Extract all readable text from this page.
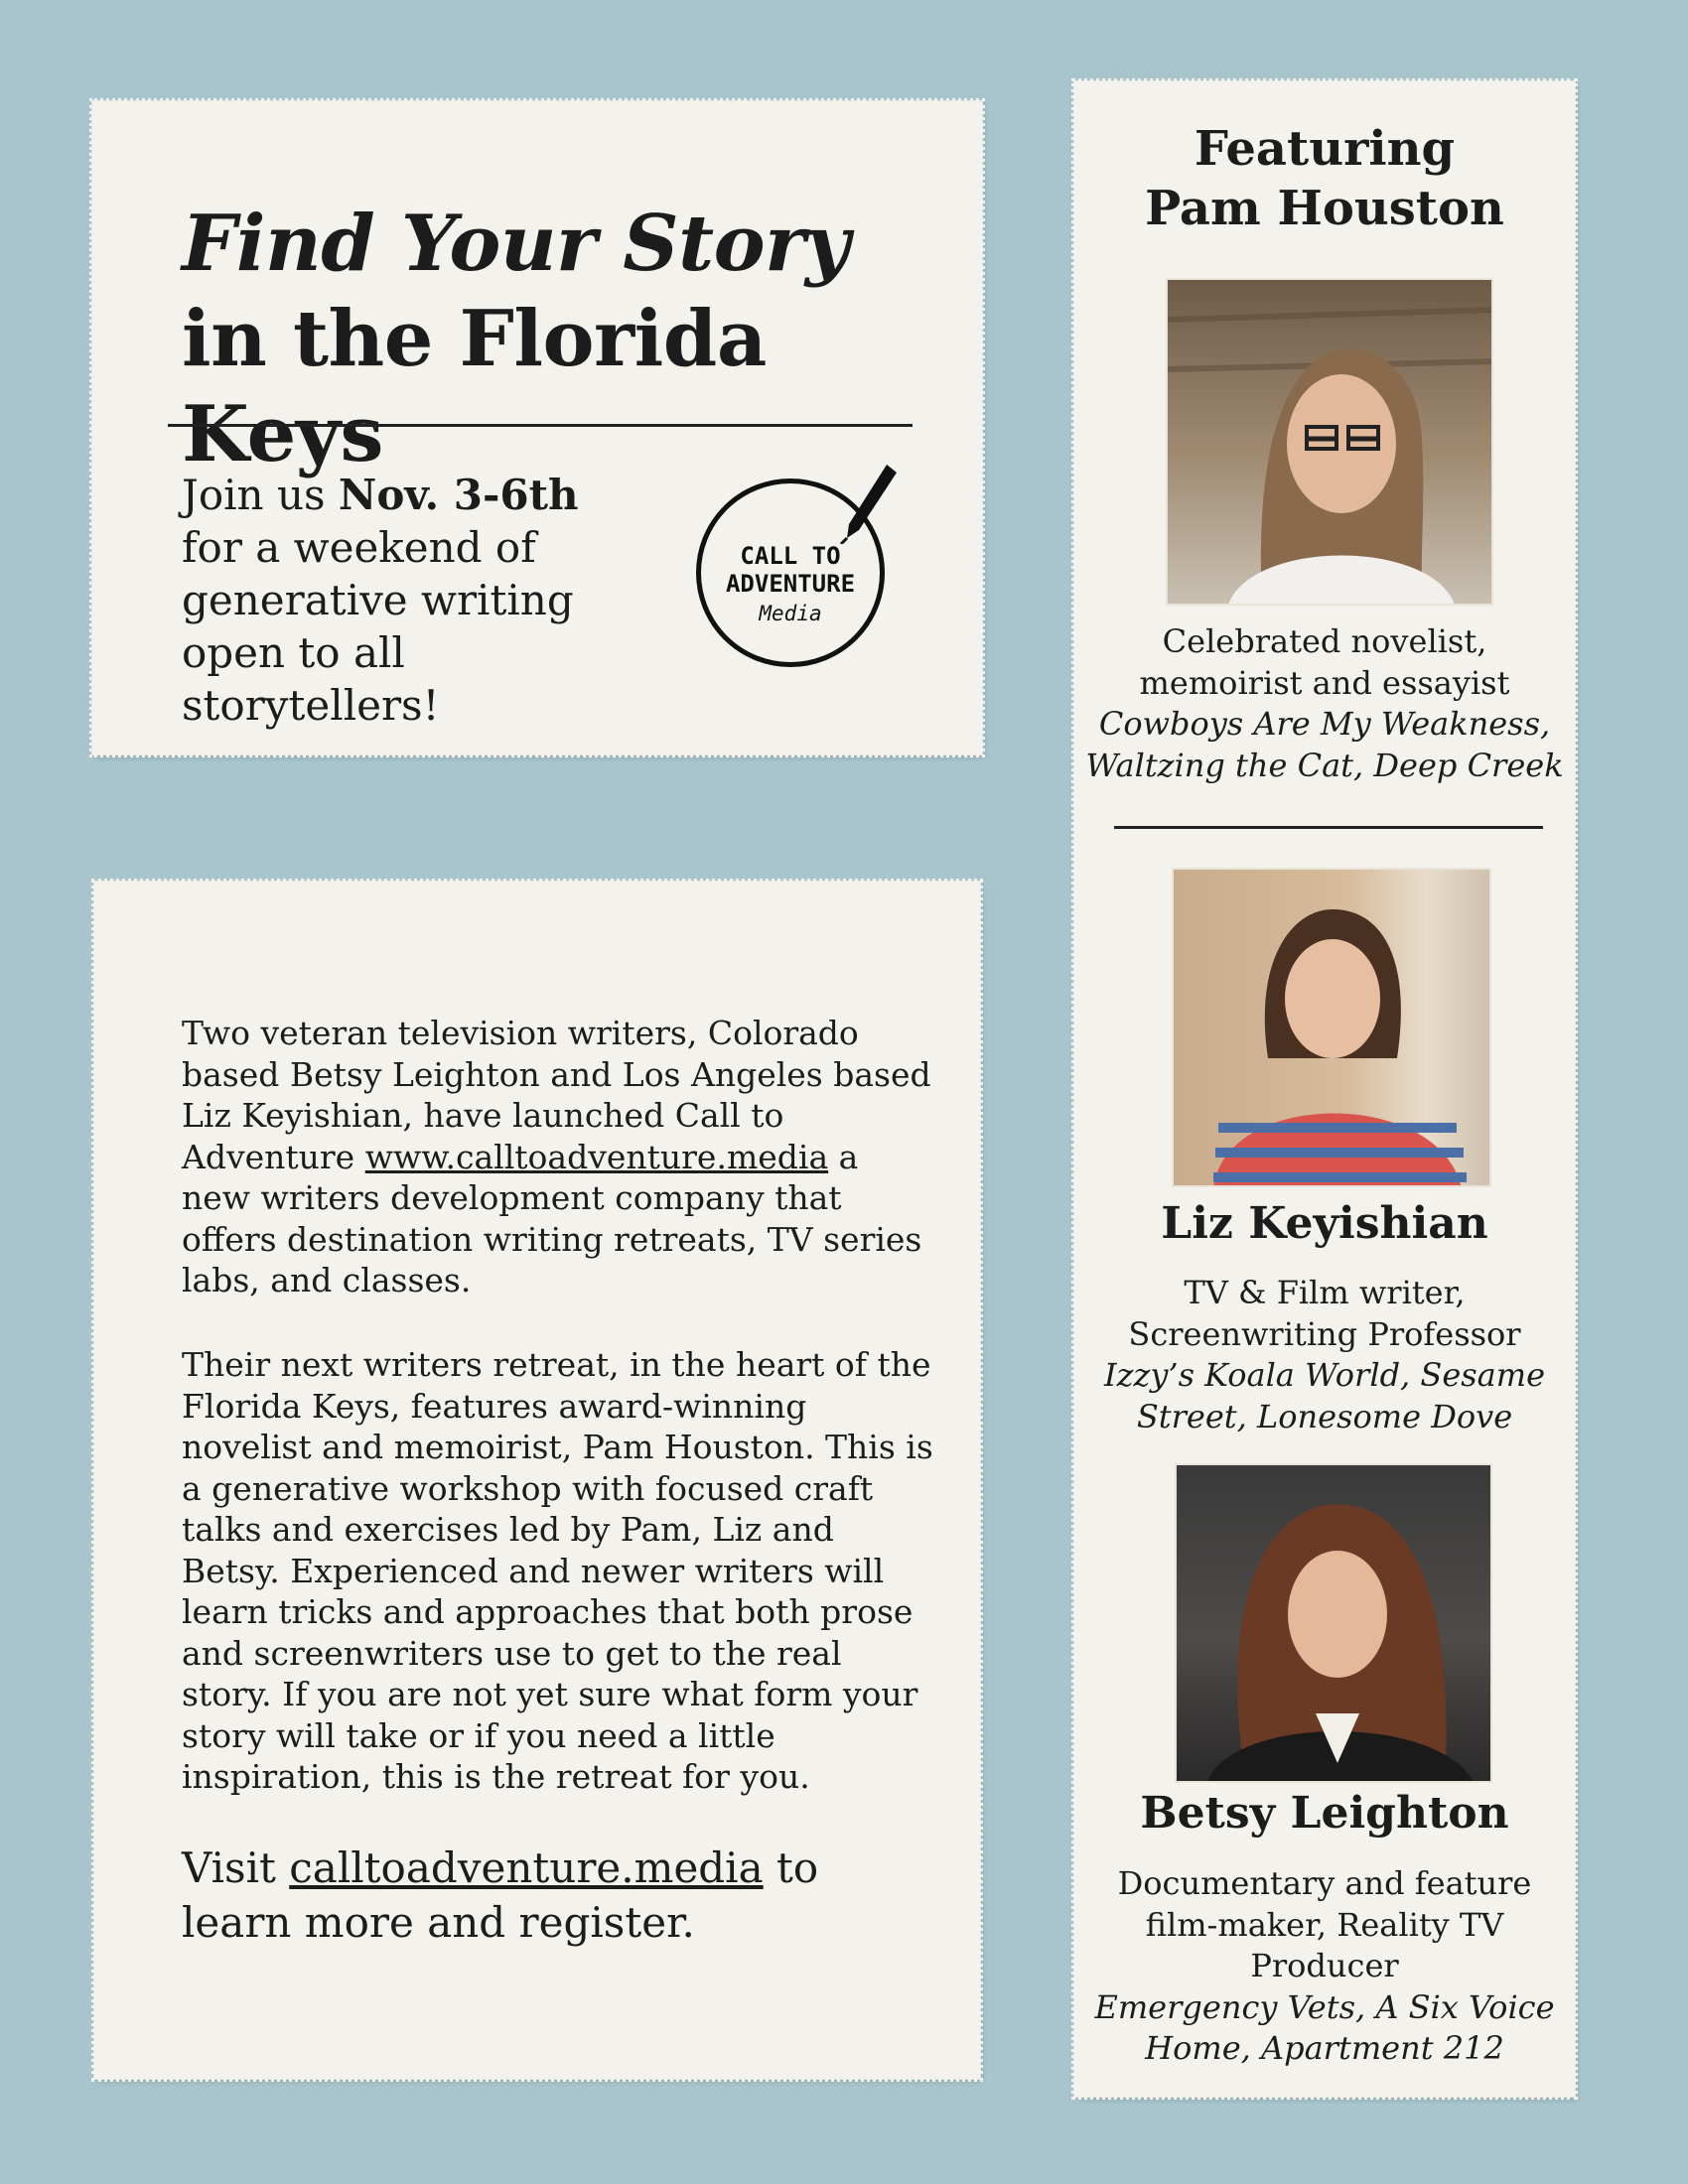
Find Your Story in the Florida Keys

Join us Nov. 3-6th for a weekend of generative writing open to all storytellers!

CALL TO
ADVENTURE
Media

Two veteran television writers, Colorado based Betsy Leighton and Los Angeles based Liz Keyishian, have launched Call to Adventure www.calltoadventure.media a new writers development company that offers destination writing retreats, TV series labs, and classes.

Their next writers retreat, in the heart of the Florida Keys, features award-winning novelist and memoirist, Pam Houston. This is a generative workshop with focused craft talks and exercises led by Pam, Liz and Betsy. Experienced and newer writers will learn tricks and approaches that both prose and screenwriters use to get to the real story. If you are not yet sure what form your story will take or if you need a little inspiration, this is the retreat for you.

Visit calltoadventure.media to learn more and register.

Featuring
Pam Houston
Celebrated novelist, memoirist and essayist
Cowboys Are My Weakness, Waltzing the Cat, Deep Creek
Liz Keyishian
TV & Film writer, Screenwriting Professor
Izzy’s Koala World, Sesame Street, Lonesome Dove
Betsy Leighton
Documentary and feature film-maker, Reality TV Producer
Emergency Vets, A Six Voice Home, Apartment 212
